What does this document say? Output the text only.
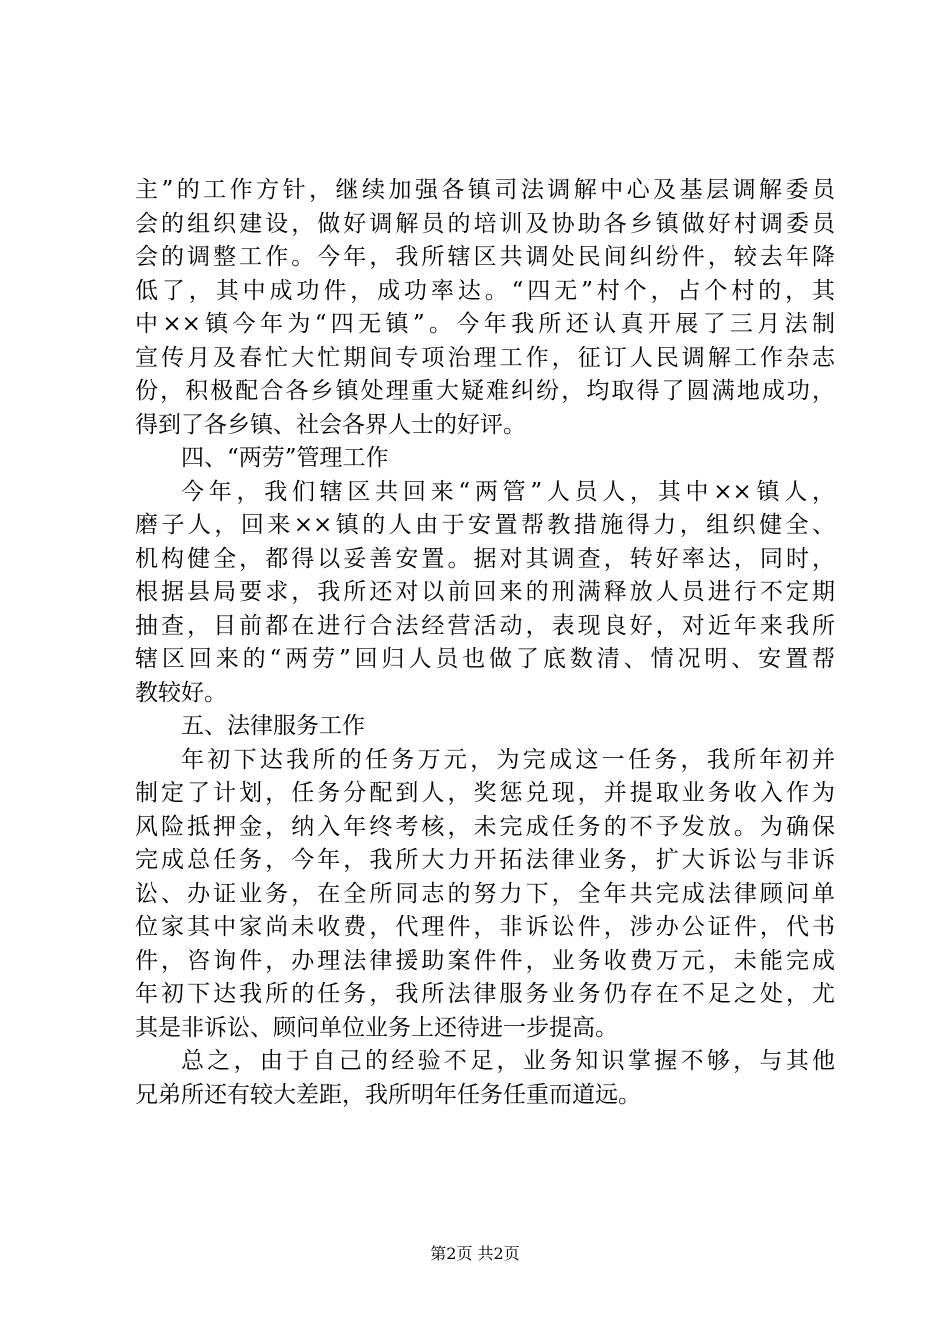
主”的工作方针，继续加强各镇司法调解中心及基层调解委员
会的组织建设，做好调解员的培训及协助各乡镇做好村调委员
会的调整工作。今年，我所辖区共调处民间纠纷件，较去年降
低了，其中成功件，成功率达。“四无”村个，占个村的，其
中××镇今年为“四无镇”。今年我所还认真开展了三月法制
宣传月及春忙大忙期间专项治理工作，征订人民调解工作杂志
份，积极配合各乡镇处理重大疑难纠纷，均取得了圆满地成功，
得到了各乡镇、社会各界人士的好评。
四、“两劳”管理工作
今年，我们辖区共回来“两管”人员人，其中××镇人，
磨子人，回来××镇的人由于安置帮教措施得力，组织健全、
机构健全，都得以妥善安置。据对其调查，转好率达，同时，
根据县局要求，我所还对以前回来的刑满释放人员进行不定期
抽查，目前都在进行合法经营活动，表现良好，对近年来我所
辖区回来的“两劳”回归人员也做了底数清、情况明、安置帮
教较好。
五、法律服务工作
年初下达我所的任务万元，为完成这一任务，我所年初并
制定了计划，任务分配到人，奖惩兑现，并提取业务收入作为
风险抵押金，纳入年终考核，未完成任务的不予发放。为确保
完成总任务，今年，我所大力开拓法律业务，扩大诉讼与非诉
讼、办证业务，在全所同志的努力下，全年共完成法律顾问单
位家其中家尚未收费，代理件，非诉讼件，涉办公证件，代书
件，咨询件，办理法律援助案件件，业务收费万元，未能完成
年初下达我所的任务，我所法律服务业务仍存在不足之处，尤
其是非诉讼、顾问单位业务上还待进一步提高。
总之，由于自己的经验不足，业务知识掌握不够，与其他
兄弟所还有较大差距，我所明年任务任重而道远。
第2页 共2页
